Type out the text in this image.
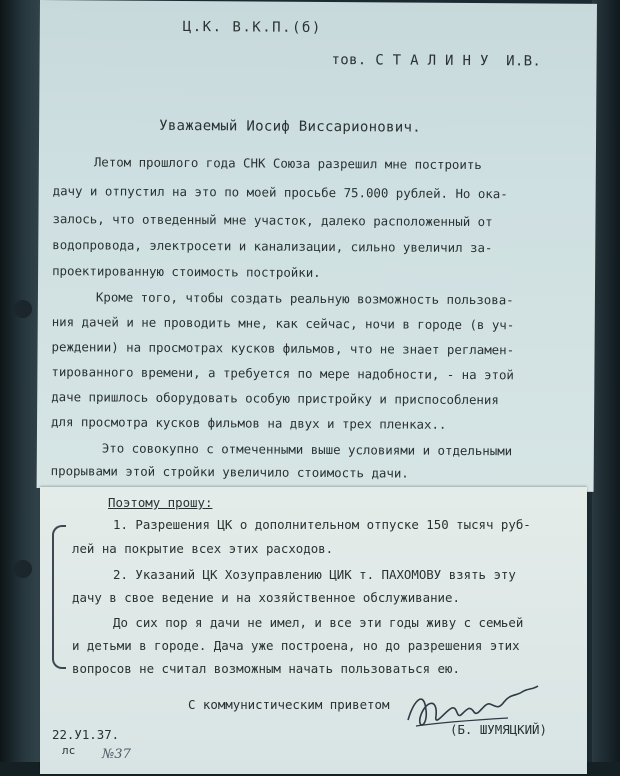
Ц.К. В.К.П.(б)
тов. С Т А Л И Н У  И.В.
Уважаемый Иосиф Виссарионович.
Летом прошлого года СНК Союза разрешил мне построить
дачу и отпустил на это по моей просьбе 75.000 рублей. Но ока-
залось, что отведенный мне участок, далеко расположенный от
водопровода, электросети и канализации, сильно увеличил за-
проектированную стоимость постройки.
Кроме того, чтобы создать реальную возможность пользова-
ния дачей и не проводить мне, как сейчас, ночи в городе (в уч-
реждении) на просмотрах кусков фильмов, что не знает регламен-
тированного времени, а требуется по мере надобности, - на этой
даче пришлось оборудовать особую пристройку и приспособления
для просмотра кусков фильмов на двух и трех пленках..
Это совокупно с отмеченными выше условиями и отдельными
прорывами этой стройки увеличило стоимость дачи.
Поэтому прошу:
1. Разрешения ЦК о дополнительном отпуске 150 тысяч руб-
лей на покрытие всех этих расходов.
2. Указаний ЦК Хозуправлению ЦИК т. ПАХОМОВУ взять эту
дачу в свое ведение и на хозяйственное обслуживание.
До сих пор я дачи не имел, и все эти годы живу с семьей
и детьми в городе. Дача уже построена, но до разрешения этих
вопросов не считал возможным начать пользоваться ею.
С коммунистическим приветом
(Б. ШУМЯЦКИЙ)
22.У1.37.
лс №37
